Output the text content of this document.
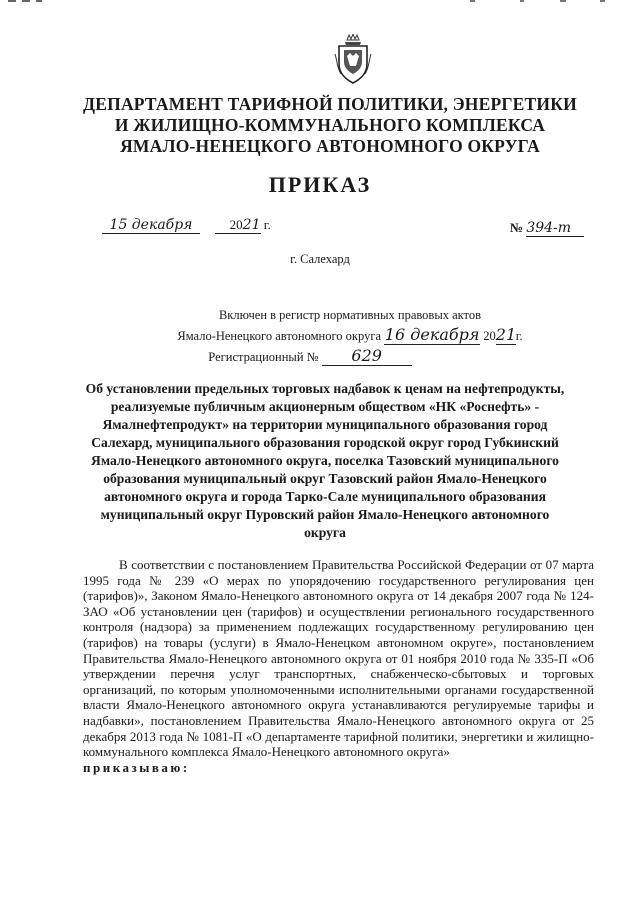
ДЕПАРТАМЕНТ ТАРИФНОЙ ПОЛИТИКИ, ЭНЕРГЕТИКИ
И ЖИЛИЩНО-КОММУНАЛЬНОГО КОМПЛЕКСА
ЯМАЛО-НЕНЕЦКОГО АВТОНОМНОГО ОКРУГА
ПРИКАЗ
15 декабря	2021 г.	№ 394-т
г. Салехард
Включен в регистр нормативных правовых актов
Ямало-Ненецкого автономного округа 16 декабря 2021г.
Регистрационный № 629
Об установлении предельных торговых надбавок к ценам на нефтепродукты,
реализуемые публичным акционерным обществом «НК «Роснефть» -
Ямалнефтепродукт» на территории муниципального образования город
Салехард, муниципального образования городской округ город Губкинский
Ямало-Ненецкого автономного округа, поселка Тазовский муниципального
образования муниципальный округ Тазовский район Ямало-Ненецкого
автономного округа и города Тарко-Сале муниципального образования
муниципальный округ Пуровский район Ямало-Ненецкого автономного
округа

В соответствии с постановлением Правительства Российской Федерации от 07 марта 1995 года № 239 «О мерах по упорядочению государственного регулирования цен (тарифов)», Законом Ямало-Ненецкого автономного округа от 14 декабря 2007 года № 124-ЗАО «Об установлении цен (тарифов) и осуществлении регионального государственного контроля (надзора) за применением подлежащих государственному регулированию цен (тарифов) на товары (услуги) в Ямало-Ненецком автономном округе», постановлением Правительства Ямало-Ненецкого автономного округа от 01 ноября 2010 года № 335-П «Об утверждении перечня услуг транспортных, снабженческо-сбытовых и торговых организаций, по которым уполномоченными исполнительными органами государственной власти Ямало-Ненецкого автономного округа устанавливаются регулируемые тарифы и надбавки», постановлением Правительства Ямало-Ненецкого автономного округа от 25 декабря 2013 года № 1081-П «О департаменте тарифной политики, энергетики и жилищно-коммунального комплекса Ямало-Ненецкого автономного округа»

приказываю:
